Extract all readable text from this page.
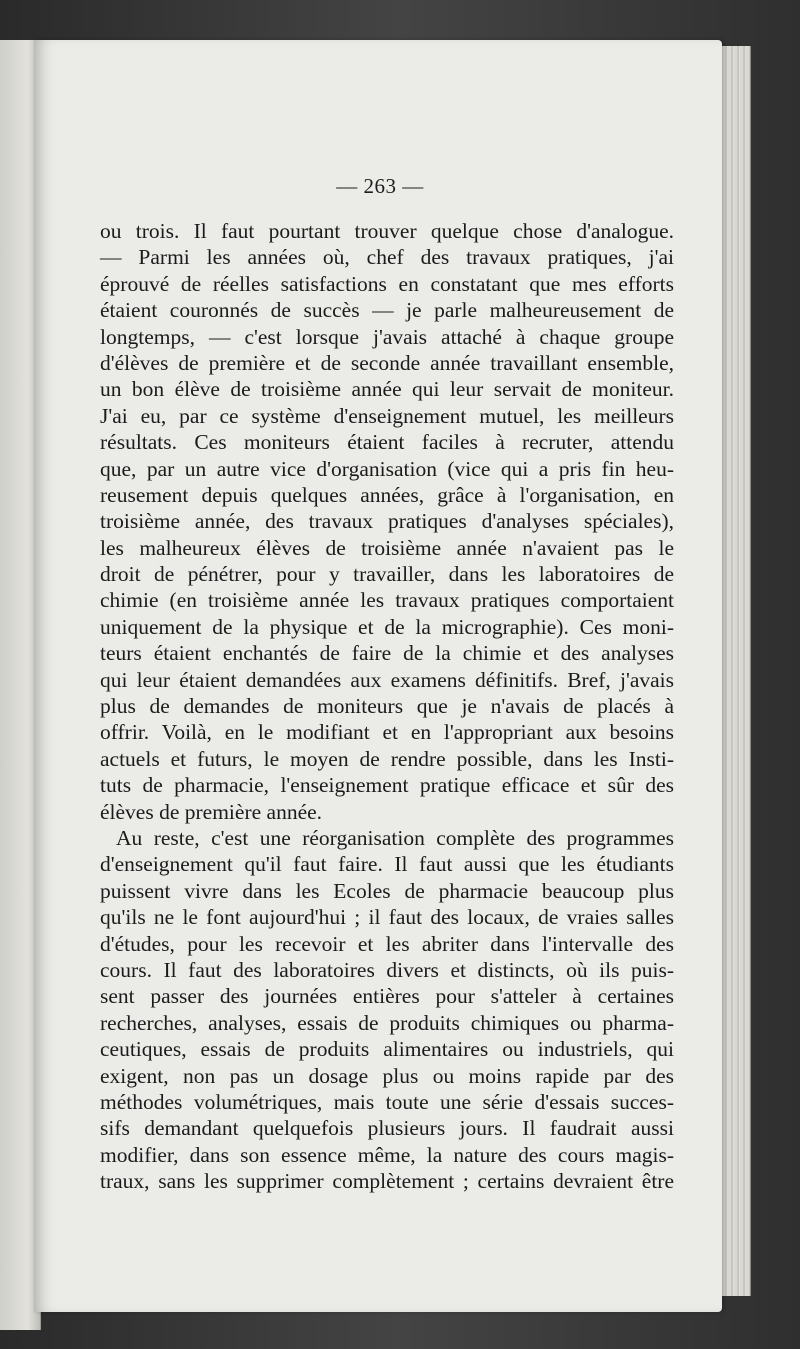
— 263 —
ou trois. Il faut pourtant trouver quelque chose d'analogue.
— Parmi les années où, chef des travaux pratiques, j'ai
éprouvé de réelles satisfactions en constatant que mes efforts
étaient couronnés de succès — je parle malheureusement de
longtemps, — c'est lorsque j'avais attaché à chaque groupe
d'élèves de première et de seconde année travaillant ensemble,
un bon élève de troisième année qui leur servait de moniteur.
J'ai eu, par ce système d'enseignement mutuel, les meilleurs
résultats. Ces moniteurs étaient faciles à recruter, attendu
que, par un autre vice d'organisation (vice qui a pris fin heu-
reusement depuis quelques années, grâce à l'organisation, en
troisième année, des travaux pratiques d'analyses spéciales),
les malheureux élèves de troisième année n'avaient pas le
droit de pénétrer, pour y travailler, dans les laboratoires de
chimie (en troisième année les travaux pratiques comportaient
uniquement de la physique et de la micrographie). Ces moni-
teurs étaient enchantés de faire de la chimie et des analyses
qui leur étaient demandées aux examens définitifs. Bref, j'avais
plus de demandes de moniteurs que je n'avais de placés à
offrir. Voilà, en le modifiant et en l'appropriant aux besoins
actuels et futurs, le moyen de rendre possible, dans les Insti-
tuts de pharmacie, l'enseignement pratique efficace et sûr des
élèves de première année.
Au reste, c'est une réorganisation complète des programmes
d'enseignement qu'il faut faire. Il faut aussi que les étudiants
puissent vivre dans les Ecoles de pharmacie beaucoup plus
qu'ils ne le font aujourd'hui ; il faut des locaux, de vraies salles
d'études, pour les recevoir et les abriter dans l'intervalle des
cours. Il faut des laboratoires divers et distincts, où ils puis-
sent passer des journées entières pour s'atteler à certaines
recherches, analyses, essais de produits chimiques ou pharma-
ceutiques, essais de produits alimentaires ou industriels, qui
exigent, non pas un dosage plus ou moins rapide par des
méthodes volumétriques, mais toute une série d'essais succes-
sifs demandant quelquefois plusieurs jours. Il faudrait aussi
modifier, dans son essence même, la nature des cours magis-
traux, sans les supprimer complètement ; certains devraient être
